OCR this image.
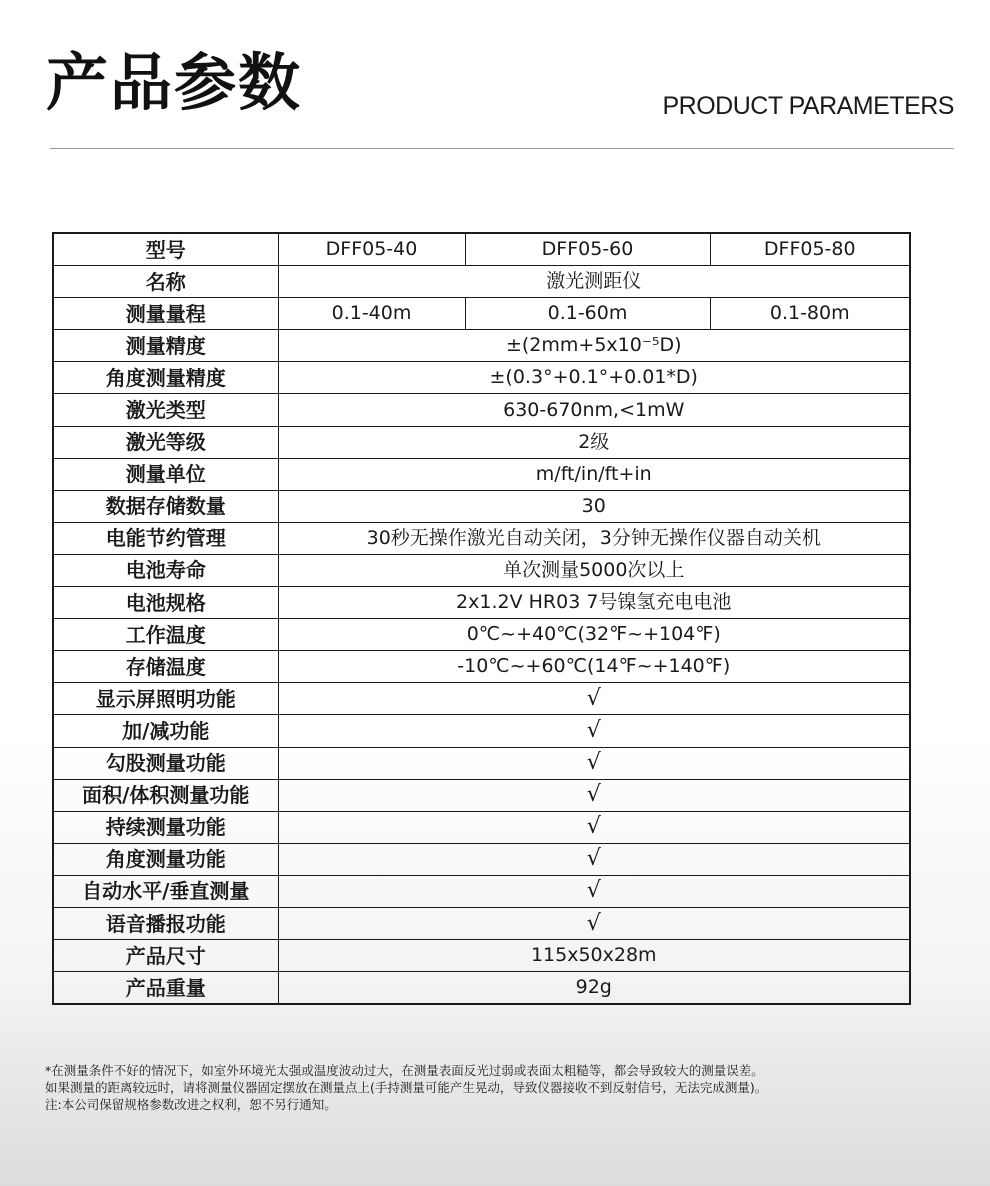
产品参数	PRODUCT PARAMETERS
型号	DFF05-40	DFF05-60	DFF05-80
名称	激光测距仪		
测量量程	0.1-40m	0.1-60m	0.1-80m
测量精度	±(2mm+5x10⁻⁵D)		
角度测量精度	±(0.3°+0.1°+0.01*D)		
激光类型	630-670nm,<1mW		
激光等级	2级		
测量单位	m/ft/in/ft+in		
数据存储数量	30		
电能节约管理	30秒无操作激光自动关闭，3分钟无操作仪器自动关机		
电池寿命	单次测量5000次以上		
电池规格	2x1.2V HR03 7号镍氢充电电池		
工作温度	0℃~+40℃(32℉~+104℉)		
存储温度	-10℃~+60℃(14℉~+140℉)		
显示屏照明功能	√		
加/减功能	√		
勾股测量功能	√		
面积/体积测量功能	√		
持续测量功能	√		
角度测量功能	√		
自动水平/垂直测量	√		
语音播报功能	√		
产品尺寸	115x50x28m		
产品重量	92g		
*在测量条件不好的情况下，如室外环境光太强或温度波动过大，在测量表面反光过弱或表面太粗糙等，都会导致较大的测量误差。
如果测量的距离较远时，请将测量仪器固定摆放在测量点上(手持测量可能产生晃动，导致仪器接收不到反射信号，无法完成测量)。
注:本公司保留规格参数改进之权利，恕不另行通知。
